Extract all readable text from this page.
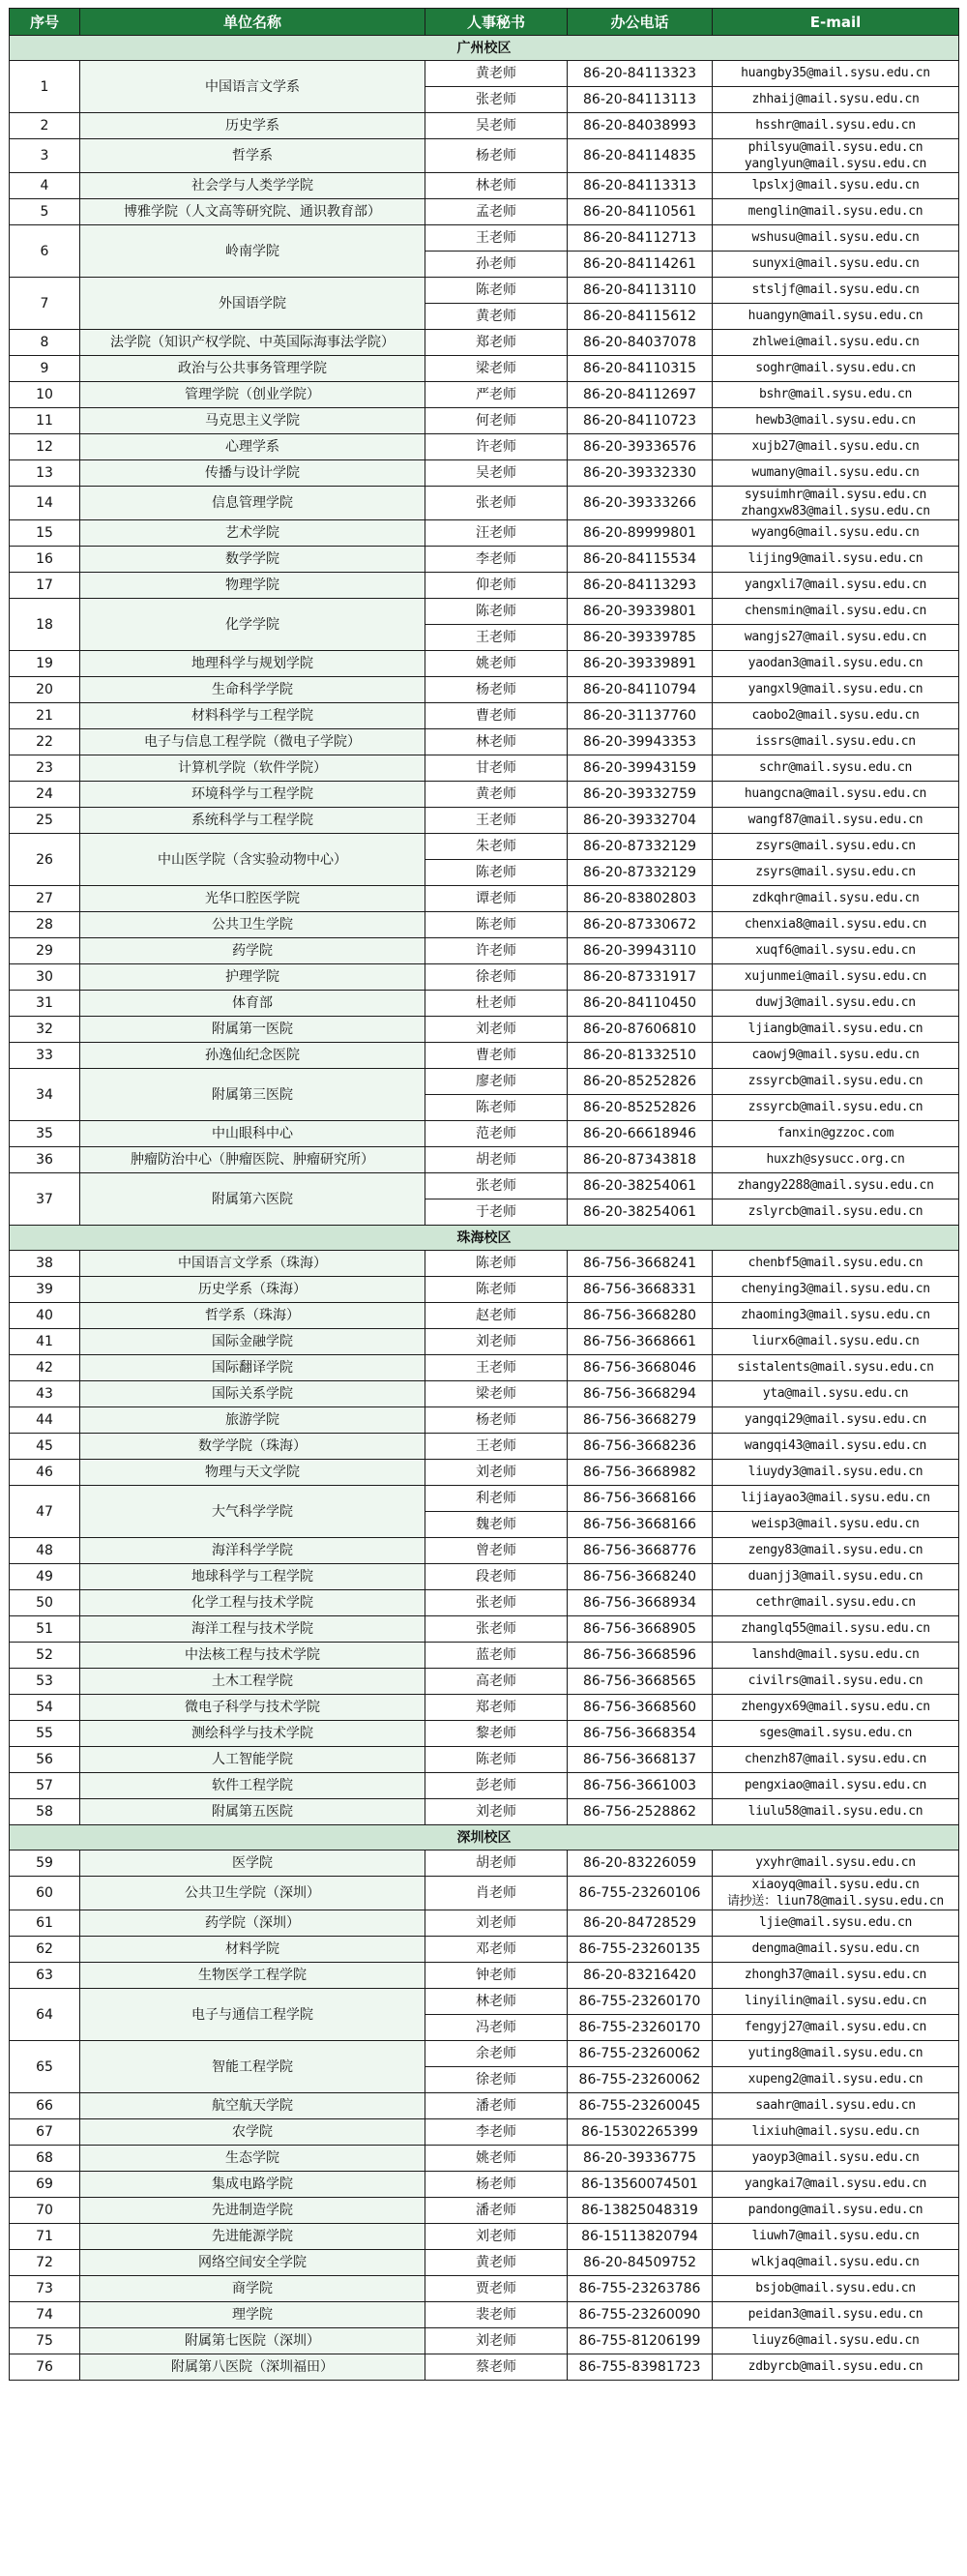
序号	单位名称	人事秘书	办公电话	E-mail
广州校区				
1	中国语言文学系	黄老师	86-20-84113323	huangby35@mail.sysu.edu.cn
		张老师	86-20-84113113	zhhaij@mail.sysu.edu.cn
2	历史学系	吴老师	86-20-84038993	hsshr@mail.sysu.edu.cn
3	哲学系	杨老师	86-20-84114835	philsyu@mail.sysu.edu.cn
yanglyun@mail.sysu.edu.cn

4	社会学与人类学学院	林老师	86-20-84113313	lpslxj@mail.sysu.edu.cn
5	博雅学院（人文高等研究院、通识教育部）	孟老师	86-20-84110561	menglin@mail.sysu.edu.cn
6	岭南学院	王老师	86-20-84112713	wshusu@mail.sysu.edu.cn
		孙老师	86-20-84114261	sunyxi@mail.sysu.edu.cn
7	外国语学院	陈老师	86-20-84113110	stsljf@mail.sysu.edu.cn
		黄老师	86-20-84115612	huangyn@mail.sysu.edu.cn
8	法学院（知识产权学院、中英国际海事法学院）	郑老师	86-20-84037078	zhlwei@mail.sysu.edu.cn
9	政治与公共事务管理学院	梁老师	86-20-84110315	soghr@mail.sysu.edu.cn
10	管理学院（创业学院）	严老师	86-20-84112697	bshr@mail.sysu.edu.cn
11	马克思主义学院	何老师	86-20-84110723	hewb3@mail.sysu.edu.cn
12	心理学系	许老师	86-20-39336576	xujb27@mail.sysu.edu.cn
13	传播与设计学院	吴老师	86-20-39332330	wumany@mail.sysu.edu.cn
14	信息管理学院	张老师	86-20-39333266	sysuimhr@mail.sysu.edu.cn
zhangxw83@mail.sysu.edu.cn

15	艺术学院	汪老师	86-20-89999801	wyang6@mail.sysu.edu.cn
16	数学学院	李老师	86-20-84115534	lijing9@mail.sysu.edu.cn
17	物理学院	仰老师	86-20-84113293	yangxli7@mail.sysu.edu.cn
18	化学学院	陈老师	86-20-39339801	chensmin@mail.sysu.edu.cn
		王老师	86-20-39339785	wangjs27@mail.sysu.edu.cn
19	地理科学与规划学院	姚老师	86-20-39339891	yaodan3@mail.sysu.edu.cn
20	生命科学学院	杨老师	86-20-84110794	yangxl9@mail.sysu.edu.cn
21	材料科学与工程学院	曹老师	86-20-31137760	caobo2@mail.sysu.edu.cn
22	电子与信息工程学院（微电子学院）	林老师	86-20-39943353	issrs@mail.sysu.edu.cn
23	计算机学院（软件学院）	甘老师	86-20-39943159	schr@mail.sysu.edu.cn
24	环境科学与工程学院	黄老师	86-20-39332759	huangcna@mail.sysu.edu.cn
25	系统科学与工程学院	王老师	86-20-39332704	wangf87@mail.sysu.edu.cn
26	中山医学院（含实验动物中心）	朱老师	86-20-87332129	zsyrs@mail.sysu.edu.cn
		陈老师	86-20-87332129	zsyrs@mail.sysu.edu.cn
27	光华口腔医学院	谭老师	86-20-83802803	zdkqhr@mail.sysu.edu.cn
28	公共卫生学院	陈老师	86-20-87330672	chenxia8@mail.sysu.edu.cn
29	药学院	许老师	86-20-39943110	xuqf6@mail.sysu.edu.cn
30	护理学院	徐老师	86-20-87331917	xujunmei@mail.sysu.edu.cn
31	体育部	杜老师	86-20-84110450	duwj3@mail.sysu.edu.cn
32	附属第一医院	刘老师	86-20-87606810	ljiangb@mail.sysu.edu.cn
33	孙逸仙纪念医院	曹老师	86-20-81332510	caowj9@mail.sysu.edu.cn
34	附属第三医院	廖老师	86-20-85252826	zssyrcb@mail.sysu.edu.cn
		陈老师	86-20-85252826	zssyrcb@mail.sysu.edu.cn
35	中山眼科中心	范老师	86-20-66618946	fanxin@gzzoc.com
36	肿瘤防治中心（肿瘤医院、肿瘤研究所）	胡老师	86-20-87343818	huxzh@sysucc.org.cn
37	附属第六医院	张老师	86-20-38254061	zhangy2288@mail.sysu.edu.cn
		于老师	86-20-38254061	zslyrcb@mail.sysu.edu.cn
珠海校区				
38	中国语言文学系（珠海）	陈老师	86-756-3668241	chenbf5@mail.sysu.edu.cn
39	历史学系（珠海）	陈老师	86-756-3668331	chenying3@mail.sysu.edu.cn
40	哲学系（珠海）	赵老师	86-756-3668280	zhaoming3@mail.sysu.edu.cn
41	国际金融学院	刘老师	86-756-3668661	liurx6@mail.sysu.edu.cn
42	国际翻译学院	王老师	86-756-3668046	sistalents@mail.sysu.edu.cn
43	国际关系学院	梁老师	86-756-3668294	yta@mail.sysu.edu.cn
44	旅游学院	杨老师	86-756-3668279	yangqi29@mail.sysu.edu.cn
45	数学学院（珠海）	王老师	86-756-3668236	wangqi43@mail.sysu.edu.cn
46	物理与天文学院	刘老师	86-756-3668982	liuydy3@mail.sysu.edu.cn
47	大气科学学院	利老师	86-756-3668166	lijiayao3@mail.sysu.edu.cn
		魏老师	86-756-3668166	weisp3@mail.sysu.edu.cn
48	海洋科学学院	曾老师	86-756-3668776	zengy83@mail.sysu.edu.cn
49	地球科学与工程学院	段老师	86-756-3668240	duanjj3@mail.sysu.edu.cn
50	化学工程与技术学院	张老师	86-756-3668934	cethr@mail.sysu.edu.cn
51	海洋工程与技术学院	张老师	86-756-3668905	zhanglq55@mail.sysu.edu.cn
52	中法核工程与技术学院	蓝老师	86-756-3668596	lanshd@mail.sysu.edu.cn
53	土木工程学院	高老师	86-756-3668565	civilrs@mail.sysu.edu.cn
54	微电子科学与技术学院	郑老师	86-756-3668560	zhengyx69@mail.sysu.edu.cn
55	测绘科学与技术学院	黎老师	86-756-3668354	sges@mail.sysu.edu.cn
56	人工智能学院	陈老师	86-756-3668137	chenzh87@mail.sysu.edu.cn
57	软件工程学院	彭老师	86-756-3661003	pengxiao@mail.sysu.edu.cn
58	附属第五医院	刘老师	86-756-2528862	liulu58@mail.sysu.edu.cn
深圳校区				
59	医学院	胡老师	86-20-83226059	yxyhr@mail.sysu.edu.cn
60	公共卫生学院（深圳）	肖老师	86-755-23260106	xiaoyq@mail.sysu.edu.cn
请抄送：liun78@mail.sysu.edu.cn

61	药学院（深圳）	刘老师	86-20-84728529	ljie@mail.sysu.edu.cn
62	材料学院	邓老师	86-755-23260135	dengma@mail.sysu.edu.cn
63	生物医学工程学院	钟老师	86-20-83216420	zhongh37@mail.sysu.edu.cn
64	电子与通信工程学院	林老师	86-755-23260170	linyilin@mail.sysu.edu.cn
		冯老师	86-755-23260170	fengyj27@mail.sysu.edu.cn
65	智能工程学院	余老师	86-755-23260062	yuting8@mail.sysu.edu.cn
		徐老师	86-755-23260062	xupeng2@mail.sysu.edu.cn
66	航空航天学院	潘老师	86-755-23260045	saahr@mail.sysu.edu.cn
67	农学院	李老师	86-15302265399	lixiuh@mail.sysu.edu.cn
68	生态学院	姚老师	86-20-39336775	yaoyp3@mail.sysu.edu.cn
69	集成电路学院	杨老师	86-13560074501	yangkai7@mail.sysu.edu.cn
70	先进制造学院	潘老师	86-13825048319	pandong@mail.sysu.edu.cn
71	先进能源学院	刘老师	86-15113820794	liuwh7@mail.sysu.edu.cn
72	网络空间安全学院	黄老师	86-20-84509752	wlkjaq@mail.sysu.edu.cn
73	商学院	贾老师	86-755-23263786	bsjob@mail.sysu.edu.cn
74	理学院	裴老师	86-755-23260090	peidan3@mail.sysu.edu.cn
75	附属第七医院（深圳）	刘老师	86-755-81206199	liuyz6@mail.sysu.edu.cn
76	附属第八医院（深圳福田）	蔡老师	86-755-83981723	zdbyrcb@mail.sysu.edu.cn
